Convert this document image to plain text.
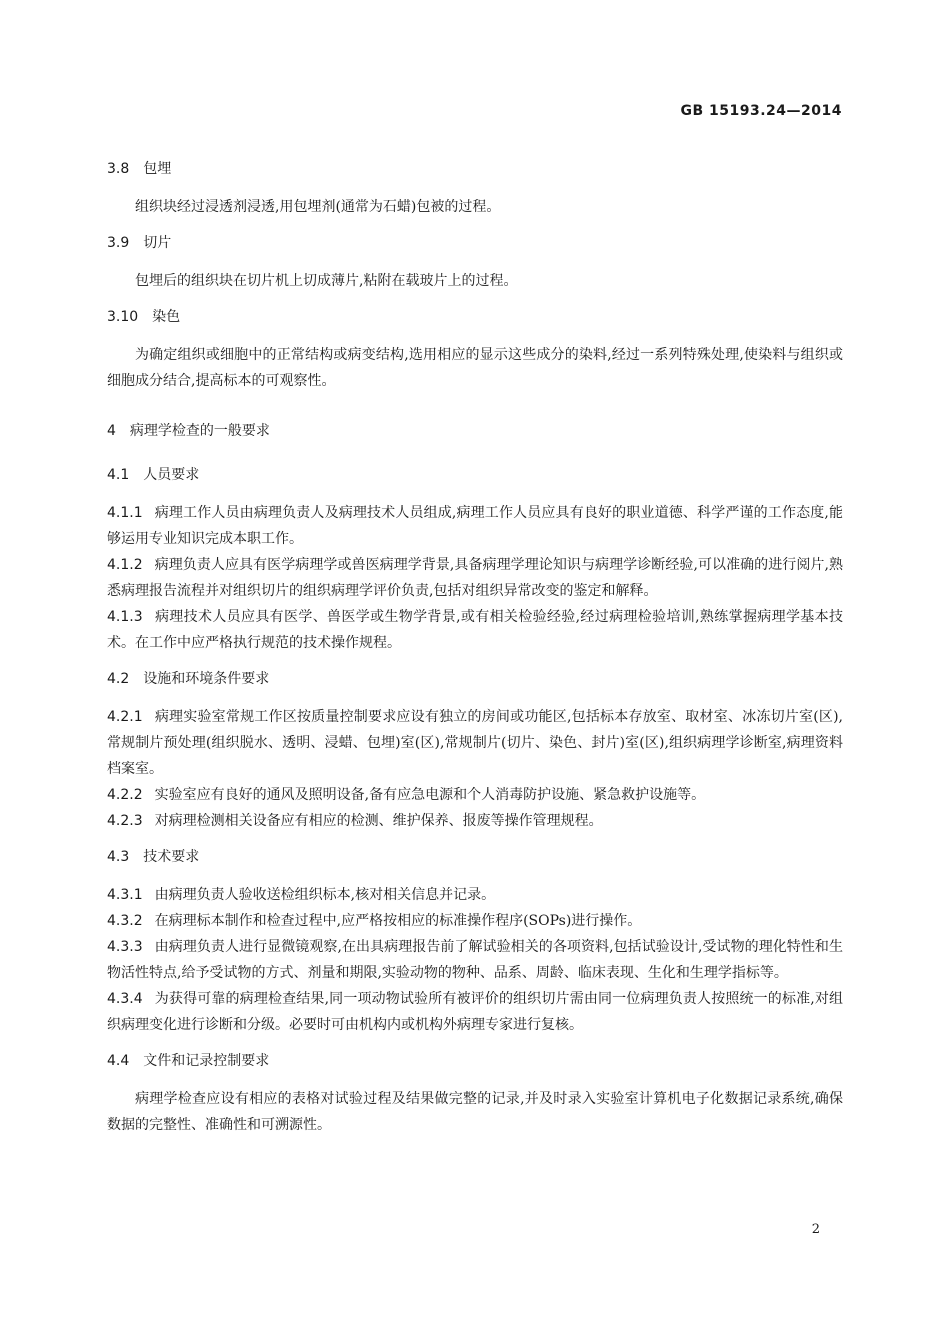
GB 15193.24—2014
3.8 包埋
组织块经过浸透剂浸透,用包埋剂(通常为石蜡)包被的过程。
3.9 切片
包埋后的组织块在切片机上切成薄片,粘附在载玻片上的过程。
3.10 染色
为确定组织或细胞中的正常结构或病变结构,选用相应的显示这些成分的染料,经过一系列特殊处理,使染料与组织或细胞成分结合,提高标本的可观察性。
4 病理学检查的一般要求
4.1 人员要求
4.1.1 病理工作人员由病理负责人及病理技术人员组成,病理工作人员应具有良好的职业道德、科学严谨的工作态度,能够运用专业知识完成本职工作。
4.1.2 病理负责人应具有医学病理学或兽医病理学背景,具备病理学理论知识与病理学诊断经验,可以准确的进行阅片,熟悉病理报告流程并对组织切片的组织病理学评价负责,包括对组织异常改变的鉴定和解释。
4.1.3 病理技术人员应具有医学、兽医学或生物学背景,或有相关检验经验,经过病理检验培训,熟练掌握病理学基本技术。在工作中应严格执行规范的技术操作规程。
4.2 设施和环境条件要求
4.2.1 病理实验室常规工作区按质量控制要求应设有独立的房间或功能区,包括标本存放室、取材室、冰冻切片室(区),常规制片预处理(组织脱水、透明、浸蜡、包埋)室(区),常规制片(切片、染色、封片)室(区),组织病理学诊断室,病理资料档案室。
4.2.2 实验室应有良好的通风及照明设备,备有应急电源和个人消毒防护设施、紧急救护设施等。
4.2.3 对病理检测相关设备应有相应的检测、维护保养、报废等操作管理规程。
4.3 技术要求
4.3.1 由病理负责人验收送检组织标本,核对相关信息并记录。
4.3.2 在病理标本制作和检查过程中,应严格按相应的标准操作程序(SOPs)进行操作。
4.3.3 由病理负责人进行显微镜观察,在出具病理报告前了解试验相关的各项资料,包括试验设计,受试物的理化特性和生物活性特点,给予受试物的方式、剂量和期限,实验动物的物种、品系、周龄、临床表现、生化和生理学指标等。
4.3.4 为获得可靠的病理检查结果,同一项动物试验所有被评价的组织切片需由同一位病理负责人按照统一的标准,对组织病理变化进行诊断和分级。必要时可由机构内或机构外病理专家进行复核。
4.4 文件和记录控制要求
病理学检查应设有相应的表格对试验过程及结果做完整的记录,并及时录入实验室计算机电子化数据记录系统,确保数据的完整性、准确性和可溯源性。
2
